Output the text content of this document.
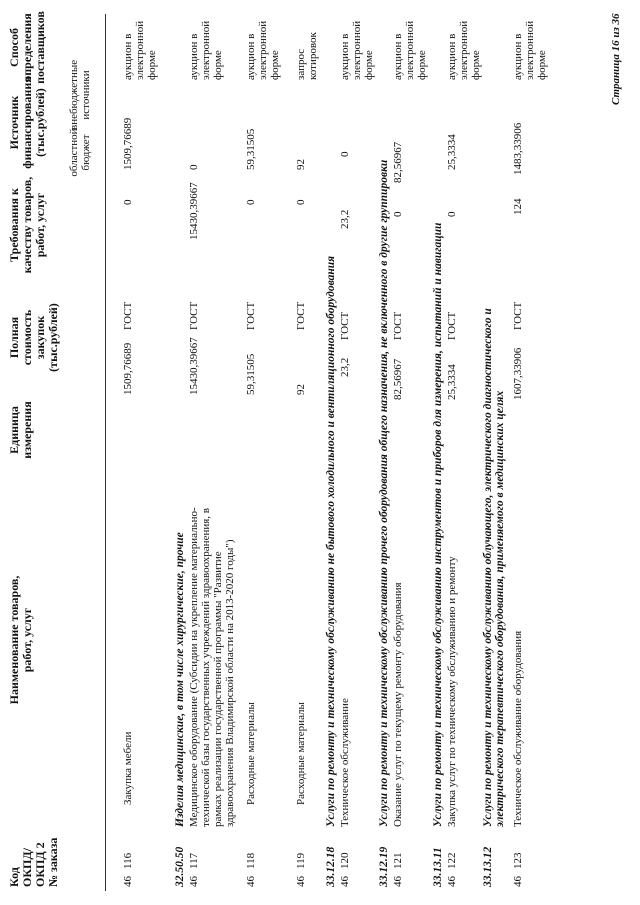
Код ОКПД/ ОКПД 2 № заказа
Наименование товаров, работ, услуг
Единица измерения
Полная стоимость закупок (тыс.рублей)
Требования к качеству товаров, работ, услуг
Источник финансирования (тыс.рублей) областной бюджет
внебюджетные источники
Способ определения поставщиков
46
116
Закупка мебели
1509,76689
ГОСТ
0
1509,76689
аукцион в электронной форме
32.50.50
Изделия медицинские, в том числе хирургические, прочие
46
117
Медицинское оборудование (Субсидии на укрепление материально-технической базы государственных учреждений здравоохранения, в рамках реализации государственной программы "Развитие здравоохранения Владимирской области на 2013-2020 годы")
15430,39667
ГОСТ
15430,39667
0
аукцион в электронной форме
46
118
Расходные материалы
59,31505
ГОСТ
0
59,31505
аукцион в электронной форме
46
119
Расходные материалы
92
ГОСТ
0
92
запрос котировок
33.12.18
Услуги по ремонту и техническому обслуживанию не бытового холодильного и вентиляционного оборудования
46
120
Техническое обслуживание
23,2
ГОСТ
23,2
0
аукцион в электронной форме
33.12.19
Услуги по ремонту и техническому обслуживанию прочего оборудования общего назначения, не включенного в другие группировки
46
121
Оказание услуг по текущему ремонту оборудования
82,56967
ГОСТ
0
82,56967
аукцион в электронной форме
33.13.11
Услуги по ремонту и техническому обслуживанию инструментов и приборов для измерения, испытаний и навигации
46
122
Закупка услуг по техническому обслуживанию и ремонту
25,3334
ГОСТ
0
25,3334
аукцион в электронной форме
33.13.12
Услуги по ремонту и техническому обслуживанию облучающего, электрического диагностического и электрического терапевтического оборудования, применяемого в медицинских целях
46
123
Техническое обслуживание оборудования
1607,33906
ГОСТ
124
1483,33906
аукцион в электронной форме	Страница 16 из 36
